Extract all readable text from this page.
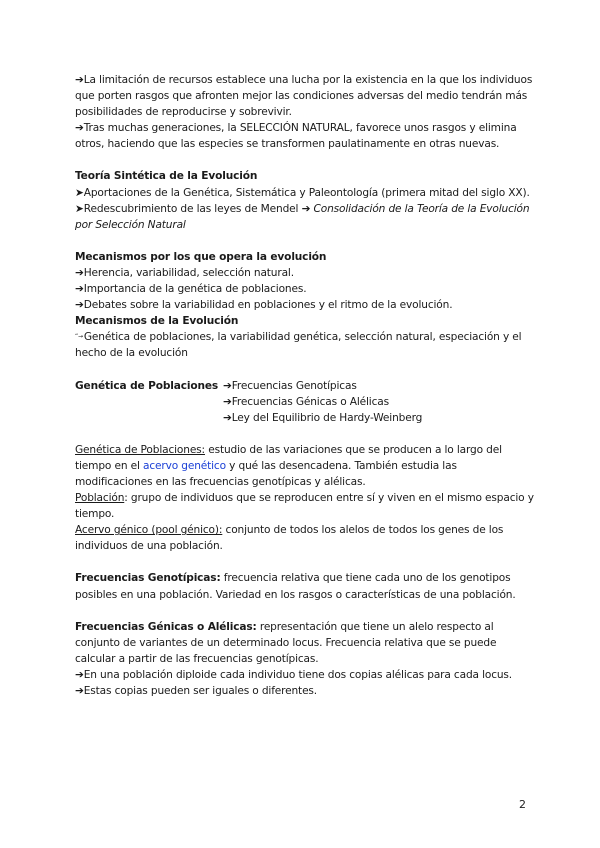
➔La limitación de recursos establece una lucha por la existencia en la que los individuos que porten rasgos que afronten mejor las condiciones adversas del medio tendrán más posibilidades de reproducirse y sobrevivir.

➔Tras muchas generaciones, la SELECCIÓN NATURAL, favorece unos rasgos y elimina otros, haciendo que las especies se transformen paulatinamente en otras nuevas.

Teoría Sintética de la Evolución

➤Aportaciones de la Genética, Sistemática y Paleontología (primera mitad del siglo XX).

➤Redescubrimiento de las leyes de Mendel ➔ Consolidación de la Teoría de la Evolución por Selección Natural

Mecanismos por los que opera la evolución

➔Herencia, variabilidad, selección natural.

➔Importancia de la genética de poblaciones.

➔Debates sobre la variabilidad en poblaciones y el ritmo de la evolución.

Mecanismos de la Evolución

“→Genética de poblaciones, la variabilidad genética, selección natural, especiación y el hecho de la evolución

Genética de Poblaciones ➔Frecuencias Genotípicas

➔Frecuencias Génicas o Alélicas

➔Ley del Equilibrio de Hardy-Weinberg

Genética de Poblaciones: estudio de las variaciones que se producen a lo largo del tiempo en el acervo genético y qué las desencadena. También estudia las modificaciones en las frecuencias genotípicas y alélicas.

Población: grupo de individuos que se reproducen entre sí y viven en el mismo espacio y tiempo.

Acervo génico (pool génico): conjunto de todos los alelos de todos los genes de los individuos de una población.

Frecuencias Genotípicas: frecuencia relativa que tiene cada uno de los genotipos posibles en una población. Variedad en los rasgos o características de una población.

Frecuencias Génicas o Alélicas: representación que tiene un alelo respecto al conjunto de variantes de un determinado locus. Frecuencia relativa que se puede calcular a partir de las frecuencias genotípicas.

➔En una población diploide cada individuo tiene dos copias alélicas para cada locus.

➔Estas copias pueden ser iguales o diferentes.

2
